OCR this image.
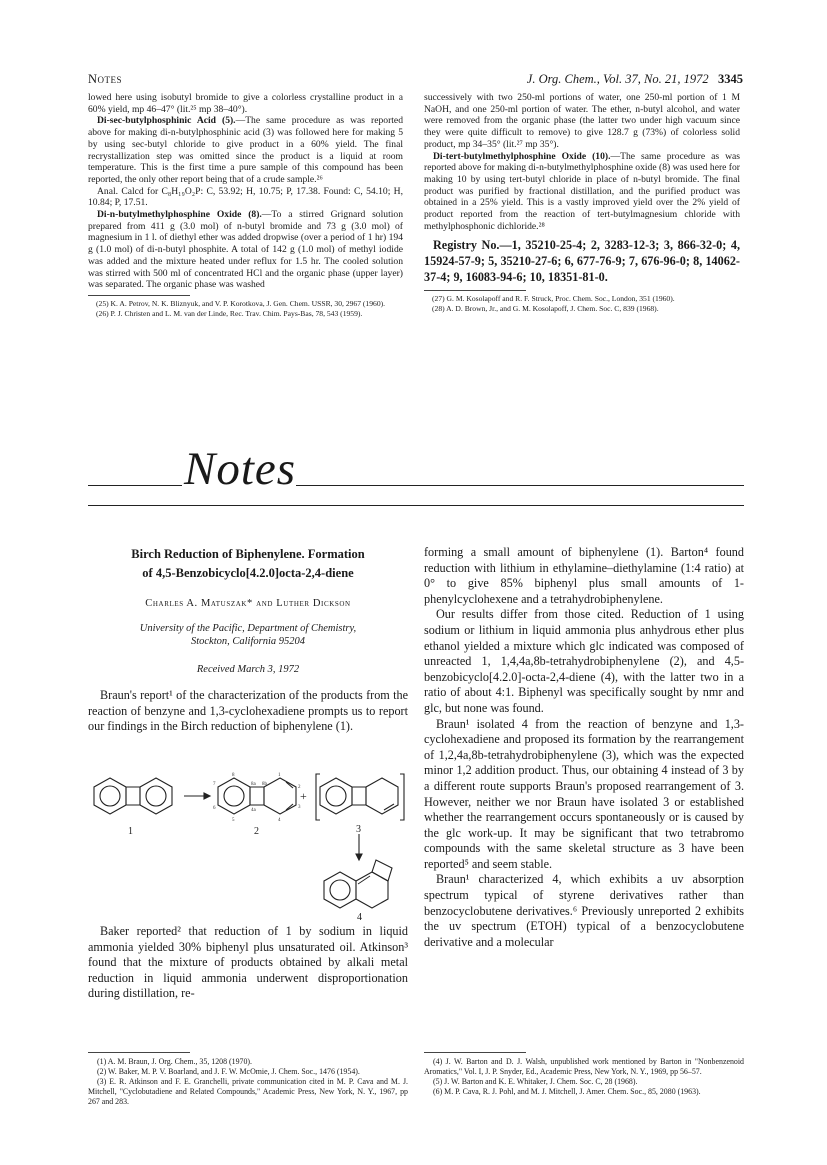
Notes	J. Org. Chem., Vol. 37, No. 21, 1972 3345

lowed here using isobutyl bromide to give a colorless crystalline product in a 60% yield, mp 46–47° (lit.²⁵ mp 38–40°).

Di-sec-butylphosphinic Acid (5).—The same procedure as was reported above for making di-n-butylphosphinic acid (3) was followed here for making 5 by using sec-butyl chloride to give product in a 60% yield. The final recrystallization step was omitted since the product is a liquid at room temperature. This is the first time a pure sample of this compound has been reported, the only other report being that of a crude sample.²⁶

Anal. Calcd for C₈H₁₉O₂P: C, 53.92; H, 10.75; P, 17.38. Found: C, 54.10; H, 10.84; P, 17.51.

Di-n-butylmethylphosphine Oxide (8).—To a stirred Grignard solution prepared from 411 g (3.0 mol) of n-butyl bromide and 73 g (3.0 mol) of magnesium in 1 l. of diethyl ether was added dropwise (over a period of 1 hr) 194 g (1.0 mol) of di-n-butyl phosphite. A total of 142 g (1.0 mol) of methyl iodide was added and the mixture heated under reflux for 1.5 hr. The cooled solution was stirred with 500 ml of concentrated HCl and the organic phase (upper layer) was separated. The organic phase was washed

(25) K. A. Petrov, N. K. Bliznyuk, and V. P. Korotkova, J. Gen. Chem. USSR, 30, 2967 (1960).

(26) P. J. Christen and L. M. van der Linde, Rec. Trav. Chim. Pays-Bas, 78, 543 (1959).

successively with two 250-ml portions of water, one 250-ml portion of 1 M NaOH, and one 250-ml portion of water. The ether, n-butyl alcohol, and water were removed from the organic phase (the latter two under high vacuum since they were quite difficult to remove) to give 128.7 g (73%) of colorless solid product, mp 34–35° (lit.²⁷ mp 35°).

Di-tert-butylmethylphosphine Oxide (10).—The same procedure as was reported above for making di-n-butylmethylphosphine oxide (8) was used here for making 10 by using tert-butyl chloride in place of n-butyl bromide. The final product was purified by fractional distillation, and the purified product was obtained in a 25% yield. This is a vastly improved yield over the 2% yield of product reported from the reaction of tert-butylmagnesium chloride with methylphosphonic dichloride.²⁸

Registry No.—1, 35210-25-4; 2, 3283-12-3; 3, 866-32-0; 4, 15924-57-9; 5, 35210-27-6; 6, 677-76-9; 7, 676-96-0; 8, 14062-37-4; 9, 16083-94-6; 10, 18351-81-0.

(27) G. M. Kosolapoff and R. F. Struck, Proc. Chem. Soc., London, 351 (1960).

(28) A. D. Brown, Jr., and G. M. Kosolapoff, J. Chem. Soc. C, 839 (1968).

Notes
Birch Reduction of Biphenylene. Formation
of 4,5-Benzobicyclo[4.2.0]octa-2,4-diene
Charles A. Matuszak* and Luther Dickson
University of the Pacific, Department of Chemistry,
Stockton, California 95204
Received March 3, 1972

Braun's report¹ of the characterization of the products from the reaction of benzyne and 1,3-cyclohexadiene prompts us to report our findings in the Birch reduction of biphenylene (1).

1	2	3
4
+
8
7
6
5
8a 8b
4a
1
2
3
4

Baker reported² that reduction of 1 by sodium in liquid ammonia yielded 30% biphenyl plus unsaturated oil. Atkinson³ found that the mixture of products obtained by alkali metal reduction in liquid ammonia underwent disproportionation during distillation, re-

forming a small amount of biphenylene (1). Barton⁴ found reduction with lithium in ethylamine–diethylamine (1:4 ratio) at 0° to give 85% biphenyl plus small amounts of 1-phenylcyclohexene and a tetrahydrobiphenylene.

Our results differ from those cited. Reduction of 1 using sodium or lithium in liquid ammonia plus anhydrous ether plus ethanol yielded a mixture which glc indicated was composed of unreacted 1, 1,4,4a,8b-tetrahydrobiphenylene (2), and 4,5-benzobicyclo[4.2.0]-octa-2,4-diene (4), with the latter two in a ratio of about 4:1. Biphenyl was specifically sought by nmr and glc, but none was found.

Braun¹ isolated 4 from the reaction of benzyne and 1,3-cyclohexadiene and proposed its formation by the rearrangement of 1,2,4a,8b-tetrahydrobiphenylene (3), which was the expected minor 1,2 addition product. Thus, our obtaining 4 instead of 3 by a different route supports Braun's proposed rearrangement of 3. However, neither we nor Braun have isolated 3 or established whether the rearrangement occurs spontaneously or is caused by the glc work-up. It may be significant that two tetrabromo compounds with the same skeletal structure as 3 have been reported⁵ and seem stable.

Braun¹ characterized 4, which exhibits a uv absorption spectrum typical of styrene derivatives rather than benzocyclobutene derivatives.⁶ Previously unreported 2 exhibits the uv spectrum (ETOH) typical of a benzocyclobutene derivative and a molecular

(1) A. M. Braun, J. Org. Chem., 35, 1208 (1970).

(2) W. Baker, M. P. V. Boarland, and J. F. W. McOmie, J. Chem. Soc., 1476 (1954).

(3) E. R. Atkinson and F. E. Granchelli, private communication cited in M. P. Cava and M. J. Mitchell, "Cyclobutadiene and Related Compounds," Academic Press, New York, N. Y., 1967, pp 267 and 283.

(4) J. W. Barton and D. J. Walsh, unpublished work mentioned by Barton in "Nonbenzenoid Aromatics," Vol. I, J. P. Snyder, Ed., Academic Press, New York, N. Y., 1969, pp 56–57.

(5) J. W. Barton and K. E. Whitaker, J. Chem. Soc. C, 28 (1968).

(6) M. P. Cava, R. J. Pohl, and M. J. Mitchell, J. Amer. Chem. Soc., 85, 2080 (1963).
